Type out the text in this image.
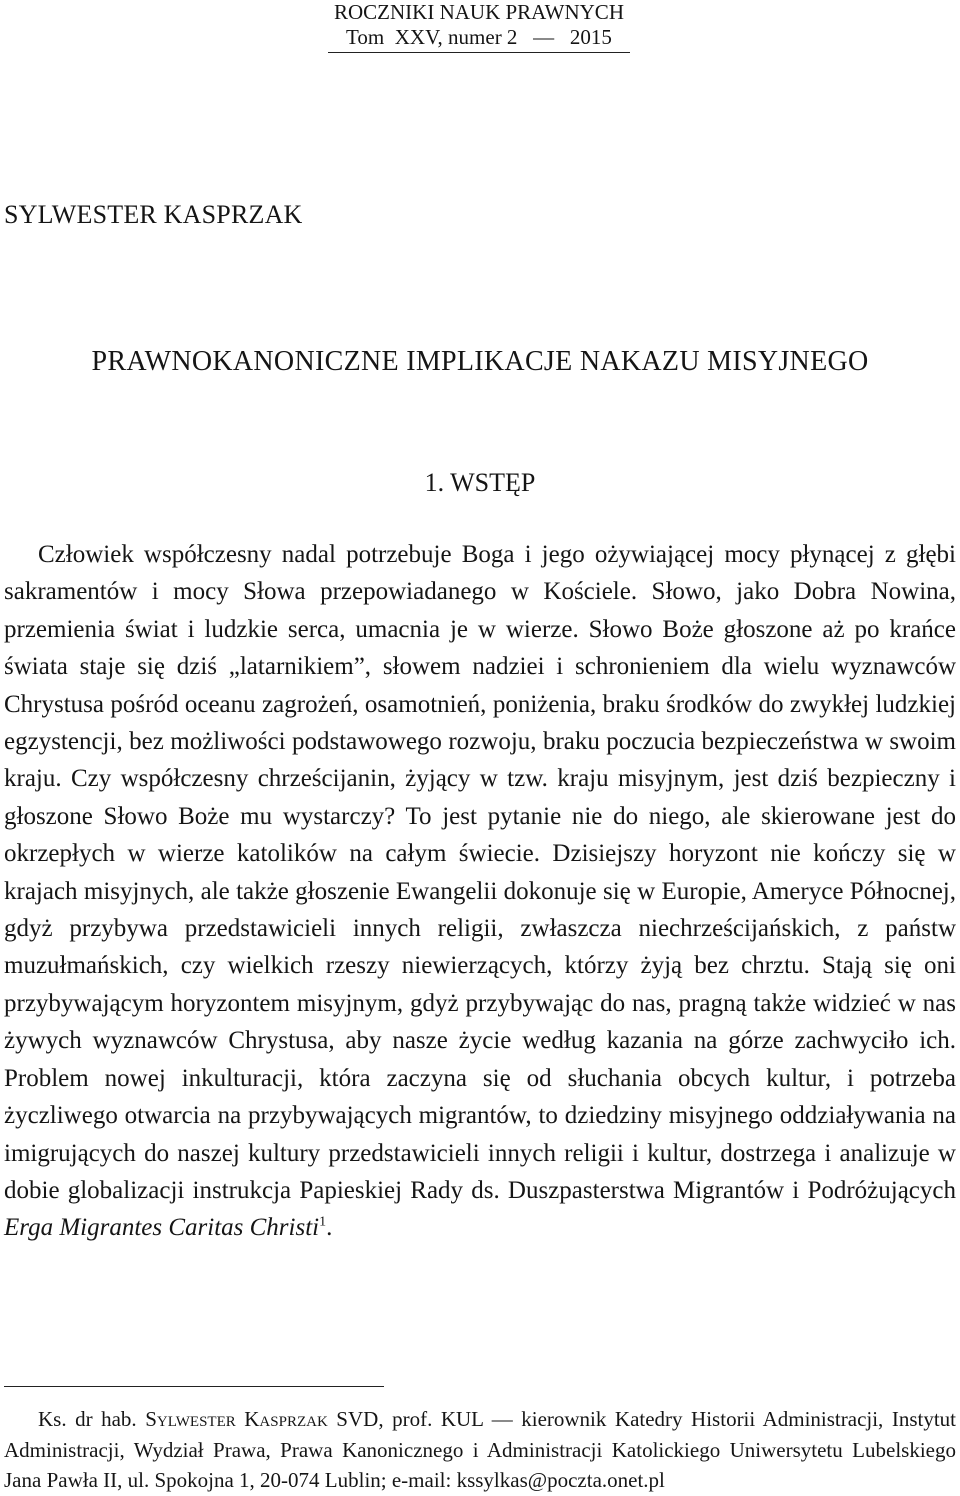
ROCZNIKI NAUK PRAWNYCH
Tom  XXV, numer 2   —   2015
SYLWESTER KASPRZAK
PRAWNOKANONICZNE IMPLIKACJE NAKAZU MISYJNEGO
1. WSTĘP

Człowiek współczesny nadal potrzebuje Boga i jego ożywiającej mocy płynącej z głębi sakramentów i mocy Słowa przepowiadanego w Kościele. Słowo, jako Dobra Nowina, przemienia świat i ludzkie serca, umacnia je w wierze. Słowo Boże głoszone aż po krańce świata staje się dziś „latarnikiem”, słowem nadziei i schronieniem dla wielu wyznawców Chrystusa pośród oceanu zagrożeń, osamotnień, poniżenia, braku środków do zwykłej ludzkiej egzystencji, bez możliwości podstawowego rozwoju, braku poczucia bezpieczeństwa w swoim kraju. Czy współczesny chrześcijanin, żyjący w tzw. kraju misyjnym, jest dziś bezpieczny i głoszone Słowo Boże mu wystarczy? To jest pytanie nie do niego, ale skierowane jest do okrzepłych w wierze katolików na całym świecie. Dzisiejszy horyzont nie kończy się w krajach misyjnych, ale także głoszenie Ewangelii dokonuje się w Europie, Ameryce Północnej, gdyż przybywa przedstawicieli innych religii, zwłaszcza niechrześcijańskich, z państw muzułmańskich, czy wielkich rzeszy niewierzących, którzy żyją bez chrztu. Stają się oni przybywającym horyzontem misyjnym, gdyż przybywając do nas, pragną także widzieć w nas żywych wyznawców Chrystusa, aby nasze życie według kazania na górze zachwyciło ich. Problem nowej inkulturacji, która zaczyna się od słuchania obcych kultur, i potrzeba życzliwego otwarcia na przybywających migrantów, to dziedziny misyjnego oddziaływania na imigrujących do naszej kultury przedstawicieli innych religii i kultur, dostrzega i analizuje w dobie globalizacji instrukcja Papieskiej Rady ds. Duszpasterstwa Migrantów i Podróżujących Erga Migrantes Caritas Christi$^1$.

Ks. dr hab. Sylwester Kasprzak SVD, prof. KUL — kierownik Katedry Historii Administracji, Instytut Administracji, Wydział Prawa, Prawa Kanonicznego i Administracji Katolickiego Uniwersytetu Lubelskiego Jana Pawła II, ul. Spokojna 1, 20-074 Lublin; e-mail: kssylkas@poczta.onet.pl
